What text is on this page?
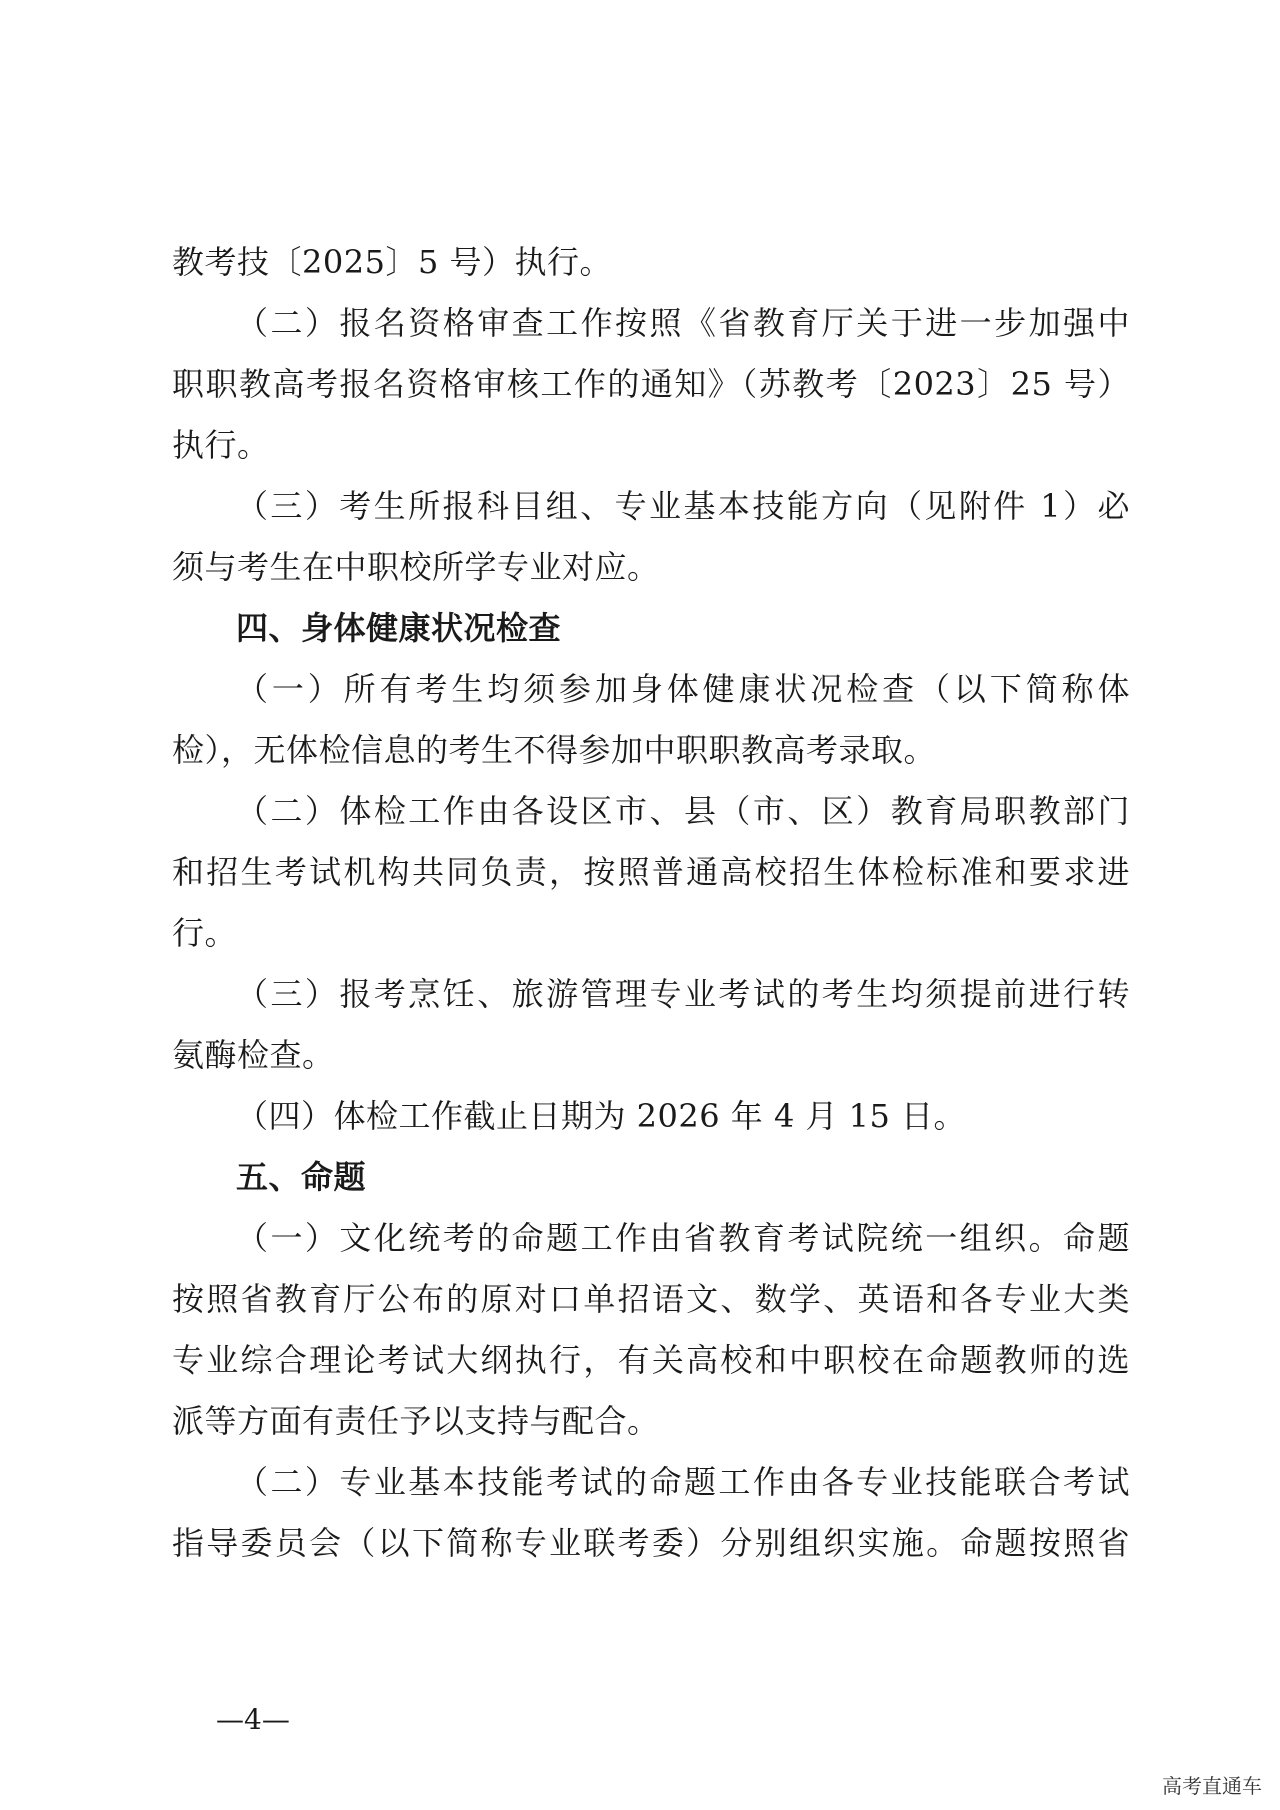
教考技〔2025〕5 号）执行。
（二）报名资格审查工作按照《省教育厅关于进一步加强中
职职教高考报名资格审核工作的通知》（苏教考〔2023〕25 号）
执行。
（三）考生所报科目组、专业基本技能方向（见附件 1）必
须与考生在中职校所学专业对应。
四、身体健康状况检查
（一）所有考生均须参加身体健康状况检查（以下简称体
检），无体检信息的考生不得参加中职职教高考录取。
（二）体检工作由各设区市、县（市、区）教育局职教部门
和招生考试机构共同负责，按照普通高校招生体检标准和要求进
行。
（三）报考烹饪、旅游管理专业考试的考生均须提前进行转
氨酶检查。
（四）体检工作截止日期为 2026 年 4 月 15 日。
五、命题
（一）文化统考的命题工作由省教育考试院统一组织。命题
按照省教育厅公布的原对口单招语文、数学、英语和各专业大类
专业综合理论考试大纲执行，有关高校和中职校在命题教师的选
派等方面有责任予以支持与配合。
（二）专业基本技能考试的命题工作由各专业技能联合考试
指导委员会（以下简称专业联考委）分别组织实施。命题按照省
—4—
高考直通车
